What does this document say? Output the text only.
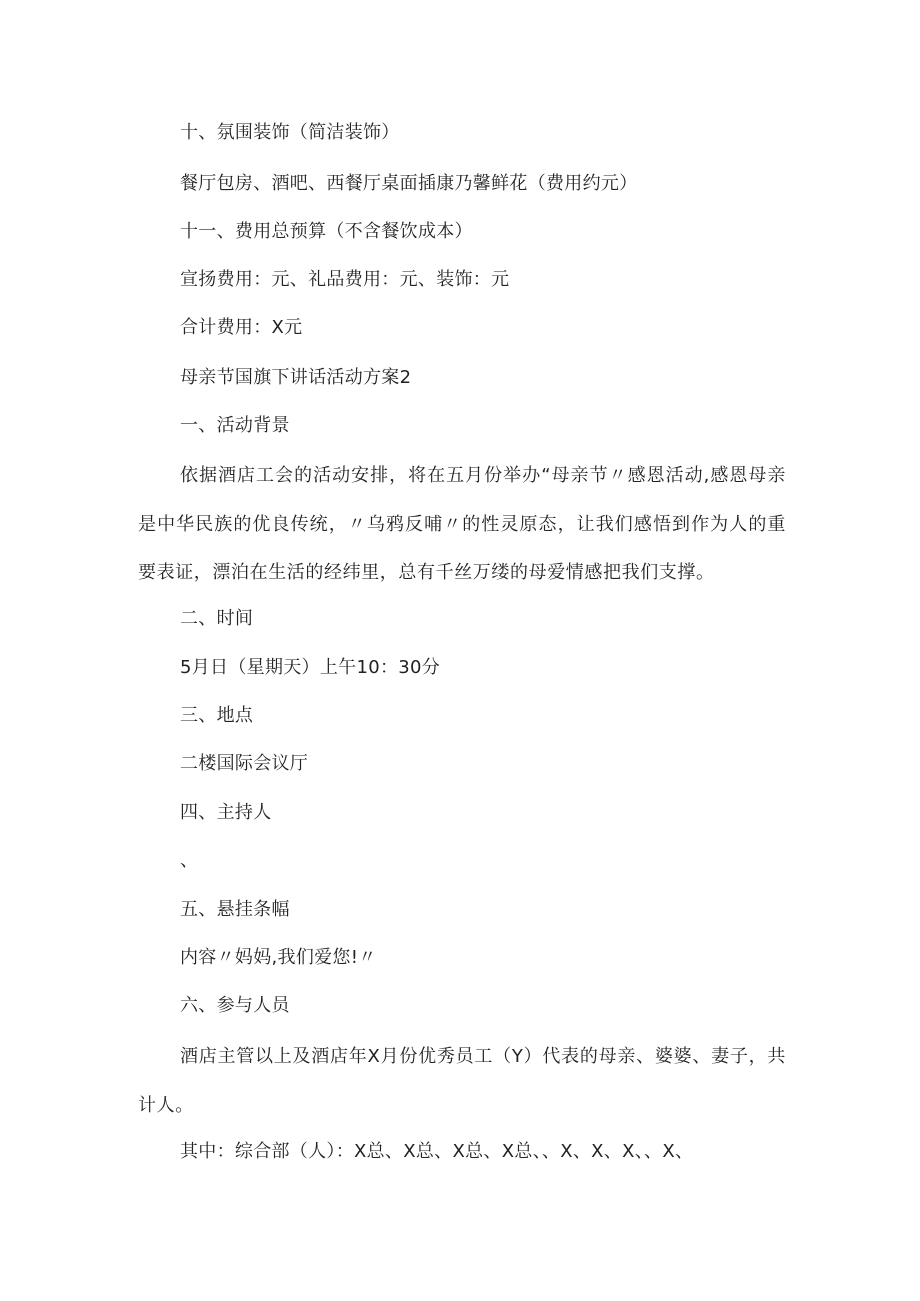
十、氛围装饰（简洁装饰）
餐厅包房、酒吧、西餐厅桌面插康乃馨鲜花（费用约元）
十一、费用总预算（不含餐饮成本）
宣扬费用：元、礼品费用：元、装饰：元
合计费用：X元
母亲节国旗下讲话活动方案2
一、活动背景
依据酒店工会的活动安排，将在五月份举办“母亲节〃感恩活动,感恩母亲是中华民族的优良传统，〃乌鸦反哺〃的性灵原态，让我们感悟到作为人的重要表证，漂泊在生活的经纬里，总有千丝万缕的母爱情感把我们支撑。
二、时间
5月日（星期天）上午10：30分
三、地点
二楼国际会议厅
四、主持人
、
五、悬挂条幅
内容〃妈妈,我们爱您!〃
六、参与人员
酒店主管以上及酒店年X月份优秀员工（Y）代表的母亲、婆婆、妻子，共计人。
其中：综合部（人）：X总、X总、X总、X总、、X、X、X、、X、
